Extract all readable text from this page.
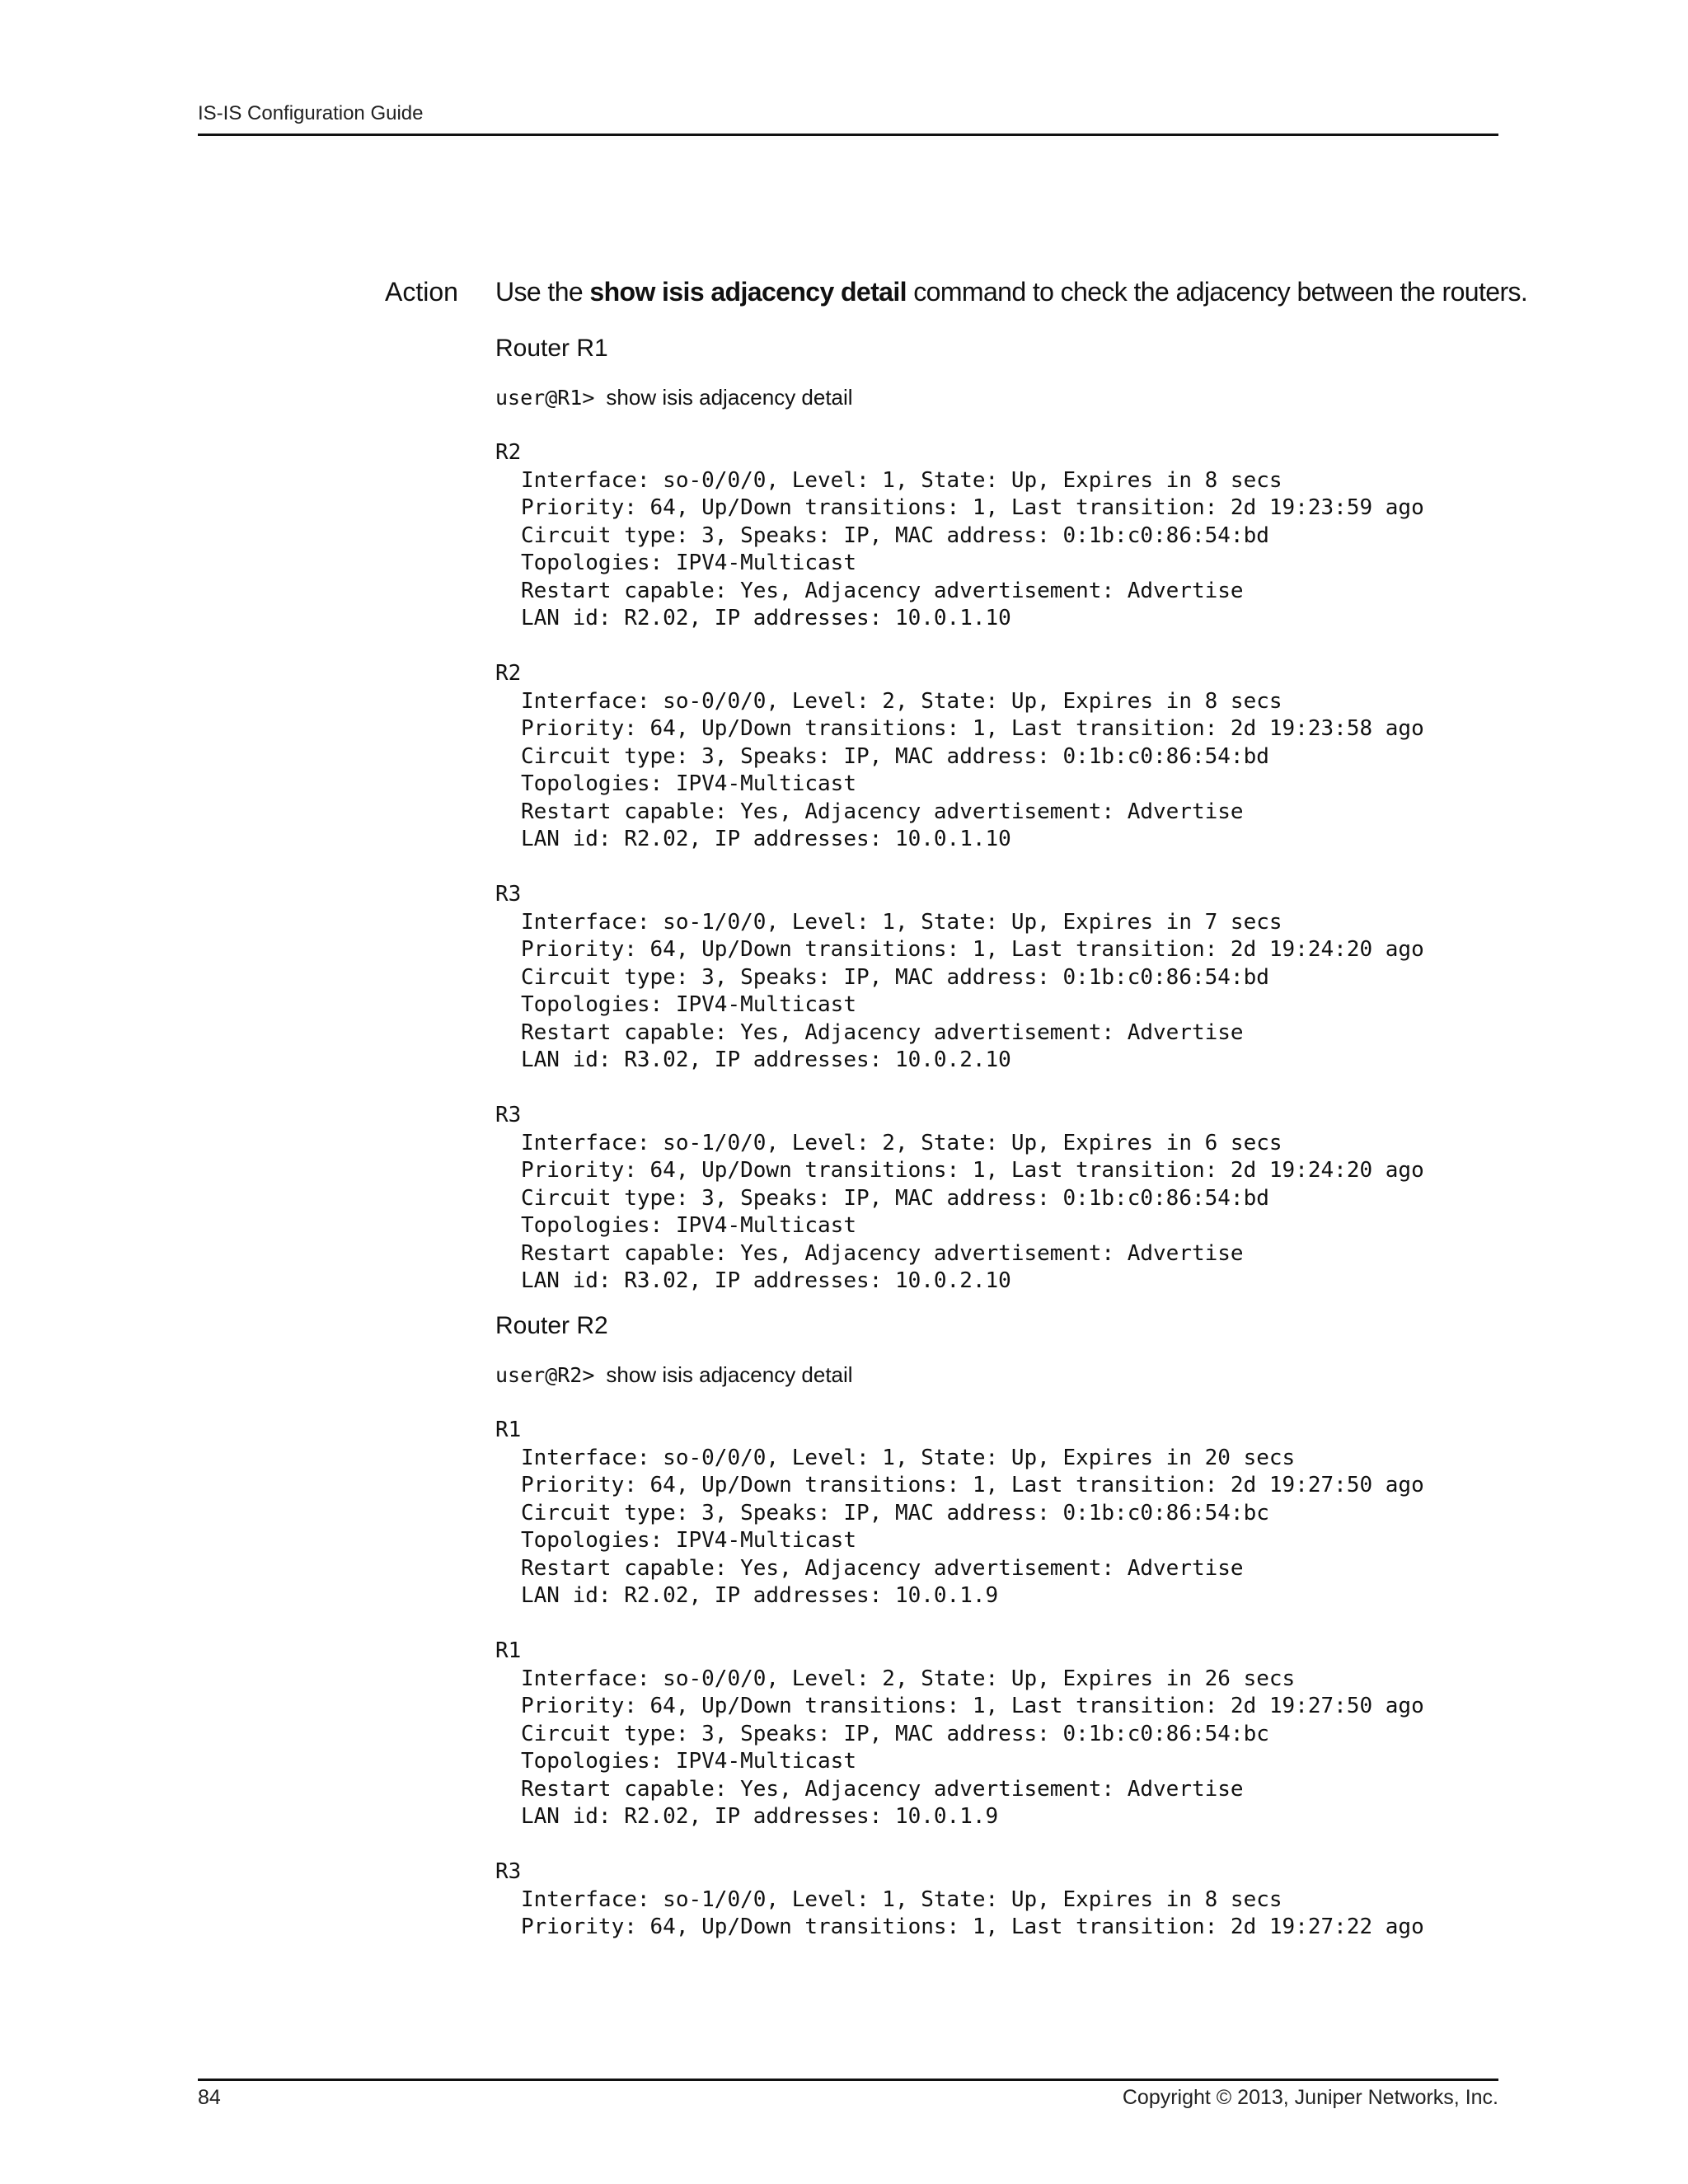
IS-IS Configuration Guide
Action Use the show isis adjacency detail command to check the adjacency between the routers.
Router R1
user@R1> show isis adjacency detail
R2
Interface: so-0/0/0, Level: 1, State: Up, Expires in 8 secs
Priority: 64, Up/Down transitions: 1, Last transition: 2d 19:23:59 ago
Circuit type: 3, Speaks: IP, MAC address: 0:1b:c0:86:54:bd
Topologies: IPV4-Multicast
Restart capable: Yes, Adjacency advertisement: Advertise
LAN id: R2.02, IP addresses: 10.0.1.10
R2
Interface: so-0/0/0, Level: 2, State: Up, Expires in 8 secs
Priority: 64, Up/Down transitions: 1, Last transition: 2d 19:23:58 ago
Circuit type: 3, Speaks: IP, MAC address: 0:1b:c0:86:54:bd
Topologies: IPV4-Multicast
Restart capable: Yes, Adjacency advertisement: Advertise
LAN id: R2.02, IP addresses: 10.0.1.10
R3
Interface: so-1/0/0, Level: 1, State: Up, Expires in 7 secs
Priority: 64, Up/Down transitions: 1, Last transition: 2d 19:24:20 ago
Circuit type: 3, Speaks: IP, MAC address: 0:1b:c0:86:54:bd
Topologies: IPV4-Multicast
Restart capable: Yes, Adjacency advertisement: Advertise
LAN id: R3.02, IP addresses: 10.0.2.10
R3
Interface: so-1/0/0, Level: 2, State: Up, Expires in 6 secs
Priority: 64, Up/Down transitions: 1, Last transition: 2d 19:24:20 ago
Circuit type: 3, Speaks: IP, MAC address: 0:1b:c0:86:54:bd
Topologies: IPV4-Multicast
Restart capable: Yes, Adjacency advertisement: Advertise
LAN id: R3.02, IP addresses: 10.0.2.10
Router R2
user@R2> show isis adjacency detail
R1
Interface: so-0/0/0, Level: 1, State: Up, Expires in 20 secs
Priority: 64, Up/Down transitions: 1, Last transition: 2d 19:27:50 ago
Circuit type: 3, Speaks: IP, MAC address: 0:1b:c0:86:54:bc
Topologies: IPV4-Multicast
Restart capable: Yes, Adjacency advertisement: Advertise
LAN id: R2.02, IP addresses: 10.0.1.9
R1
Interface: so-0/0/0, Level: 2, State: Up, Expires in 26 secs
Priority: 64, Up/Down transitions: 1, Last transition: 2d 19:27:50 ago
Circuit type: 3, Speaks: IP, MAC address: 0:1b:c0:86:54:bc
Topologies: IPV4-Multicast
Restart capable: Yes, Adjacency advertisement: Advertise
LAN id: R2.02, IP addresses: 10.0.1.9
R3
Interface: so-1/0/0, Level: 1, State: Up, Expires in 8 secs
Priority: 64, Up/Down transitions: 1, Last transition: 2d 19:27:22 ago
84	Copyright © 2013, Juniper Networks, Inc.
